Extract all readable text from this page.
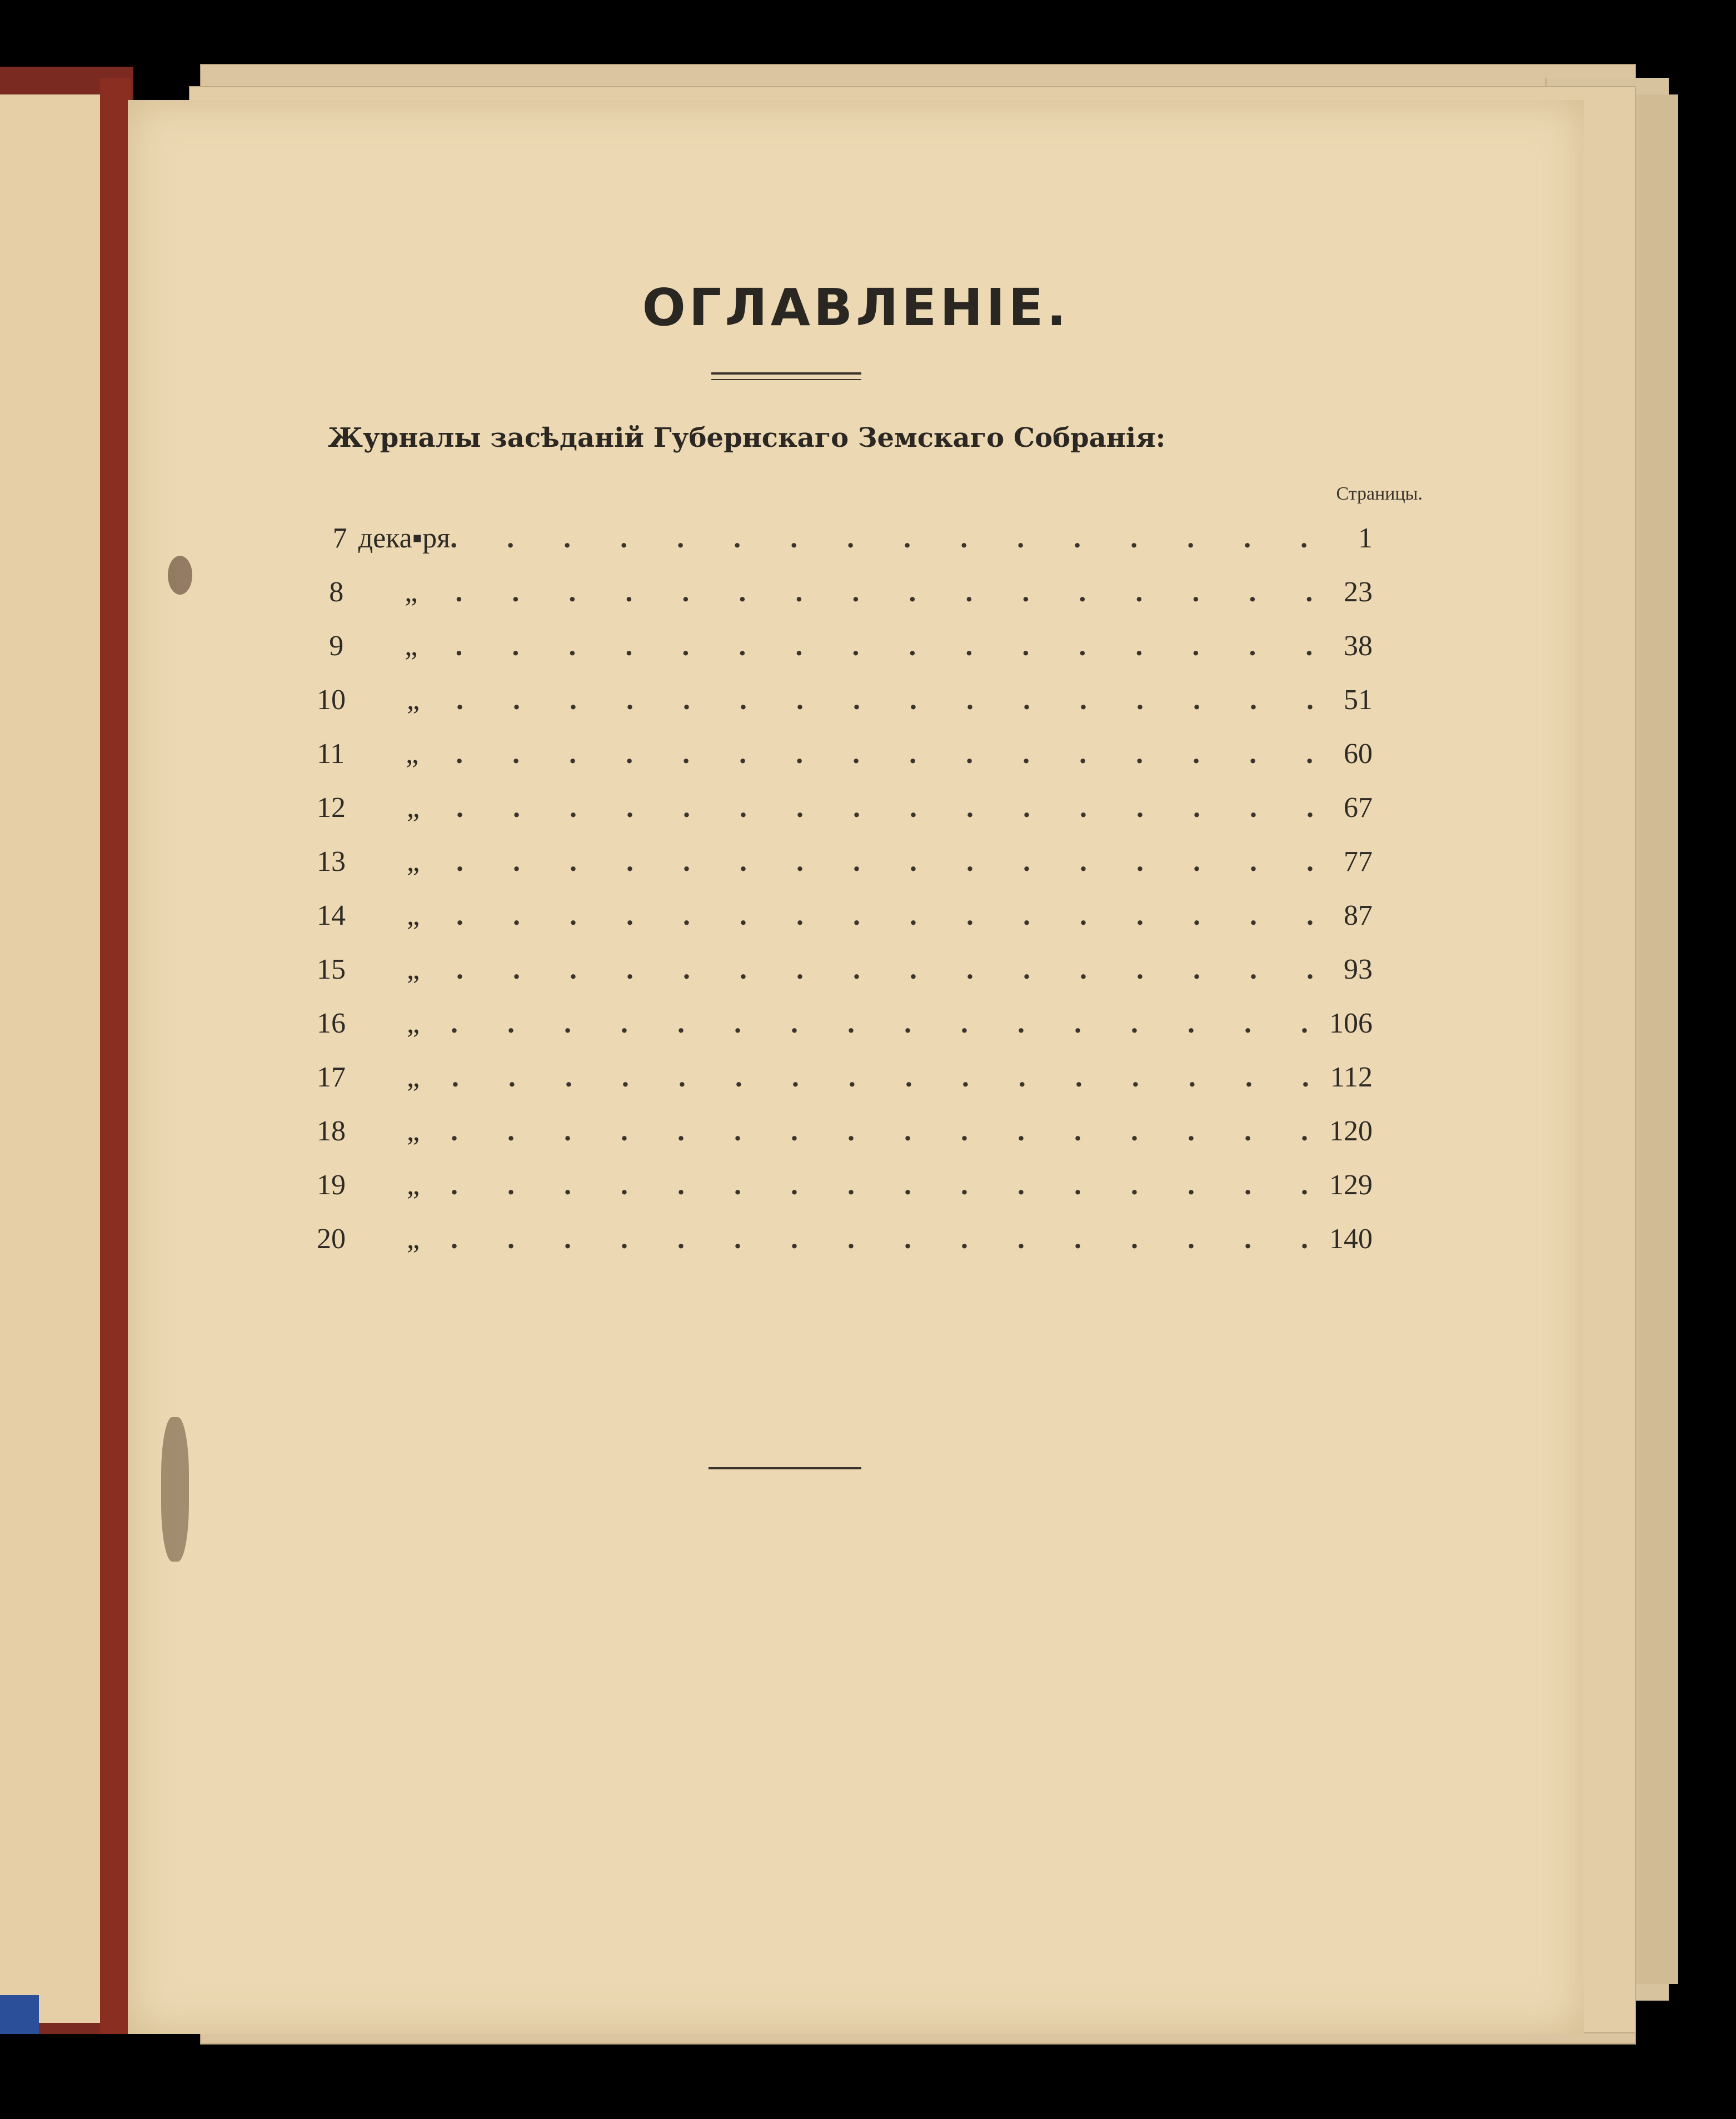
ОГЛАВЛЕНІЕ.
Журналы засѣданій Губернскаго Земскаго Собранія:
Страницы.
7 дека▪ря . . . . . . . . . . . . . . . .	1
8	„	. . . . . . . . . . . . . . . . 23
9	„	. . . . . . . . . . . . . . . . 38
10	„	. . . . . . . . . . . . . . . . 51
11	„	. . . . . . . . . . . . . . . . 60
12	„	. . . . . . . . . . . . . . . . 67
13	„	. . . . . . . . . . . . . . . . 77
14	„	. . . . . . . . . . . . . . . . 87
15	„	. . . . . . . . . . . . . . . . 93
16	„	. . . . . . . . . . . . . . . . 106
17	„	. . . . . . . . . . . . . . . . 112
18	„	. . . . . . . . . . . . . . . . 120
19	„	. . . . . . . . . . . . . . . . 129
20	„	. . . . . . . . . . . . . . . . 140
